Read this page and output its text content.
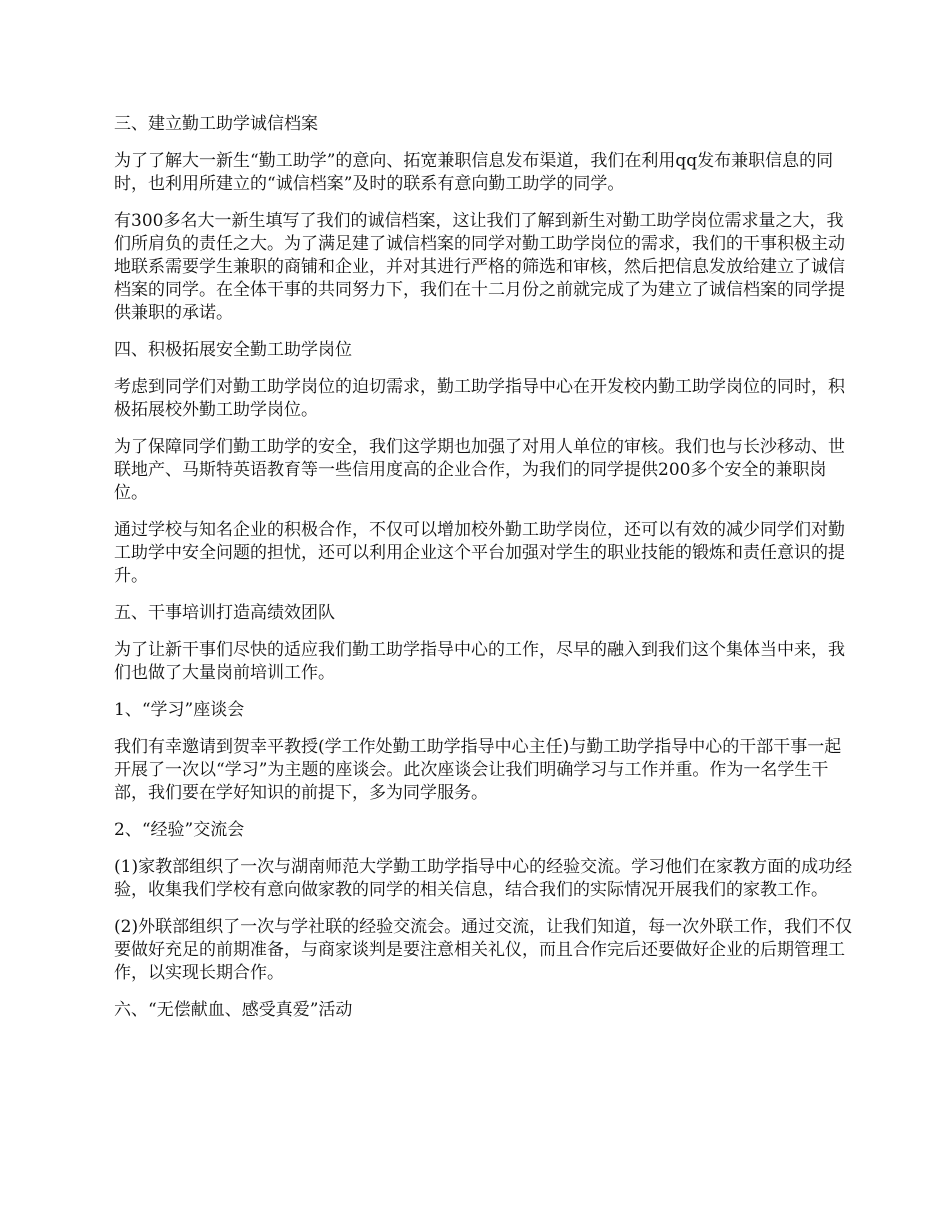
三、建立勤工助学诚信档案

为了了解大一新生“勤工助学”的意向、拓宽兼职信息发布渠道，我们在利用qq发布兼职信息的同时，也利用所建立的“诚信档案”及时的联系有意向勤工助学的同学。

有300多名大一新生填写了我们的诚信档案，这让我们了解到新生对勤工助学岗位需求量之大，我们所肩负的责任之大。为了满足建了诚信档案的同学对勤工助学岗位的需求，我们的干事积极主动地联系需要学生兼职的商铺和企业，并对其进行严格的筛选和审核，然后把信息发放给建立了诚信档案的同学。在全体干事的共同努力下，我们在十二月份之前就完成了为建立了诚信档案的同学提供兼职的承诺。

四、积极拓展安全勤工助学岗位

考虑到同学们对勤工助学岗位的迫切需求，勤工助学指导中心在开发校内勤工助学岗位的同时，积极拓展校外勤工助学岗位。

为了保障同学们勤工助学的安全，我们这学期也加强了对用人单位的审核。我们也与长沙移动、世联地产、马斯特英语教育等一些信用度高的企业合作，为我们的同学提供200多个安全的兼职岗位。

通过学校与知名企业的积极合作，不仅可以增加校外勤工助学岗位，还可以有效的减少同学们对勤工助学中安全问题的担忧，还可以利用企业这个平台加强对学生的职业技能的锻炼和责任意识的提升。

五、干事培训打造高绩效团队

为了让新干事们尽快的适应我们勤工助学指导中心的工作，尽早的融入到我们这个集体当中来，我们也做了大量岗前培训工作。

1、“学习”座谈会

我们有幸邀请到贺幸平教授(学工作处勤工助学指导中心主任)与勤工助学指导中心的干部干事一起开展了一次以“学习”为主题的座谈会。此次座谈会让我们明确学习与工作并重。作为一名学生干部，我们要在学好知识的前提下，多为同学服务。

2、“经验”交流会

(1)家教部组织了一次与湖南师范大学勤工助学指导中心的经验交流。学习他们在家教方面的成功经验，收集我们学校有意向做家教的同学的相关信息，结合我们的实际情况开展我们的家教工作。

(2)外联部组织了一次与学社联的经验交流会。通过交流，让我们知道，每一次外联工作，我们不仅要做好充足的前期准备，与商家谈判是要注意相关礼仪，而且合作完后还要做好企业的后期管理工作，以实现长期合作。

六、“无偿献血、感受真爱”活动
